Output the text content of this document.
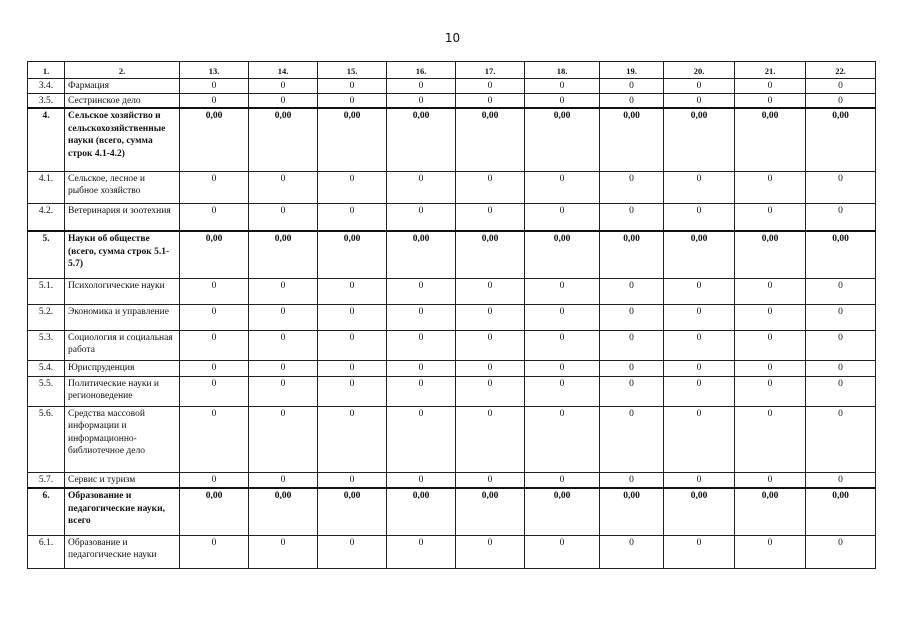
10
1.	2.	13.	14.	15.	16.	17.	18.	19.	20.	21.	22.
3.4.	Фармация	0	0	0	0	0	0	0	0	0	0
3.5.	Сестринское дело	0	0	0	0	0	0	0	0	0	0
4.	Сельское хозяйство и сельскохозяйственные науки (всего, сумма строк 4.1-4.2)	0,00	0,00	0,00	0,00	0,00	0,00	0,00	0,00	0,00	0,00
4.1.	Сельское, лесное и рыбное хозяйство	0	0	0	0	0	0	0	0	0	0
4.2.	Ветеринария и зоотехния	0	0	0	0	0	0	0	0	0	0
5.	Науки об обществе (всего, сумма строк 5.1-5.7)	0,00	0,00	0,00	0,00	0,00	0,00	0,00	0,00	0,00	0,00
5.1.	Психологические науки	0	0	0	0	0	0	0	0	0	0
5.2.	Экономика и управление	0	0	0	0	0	0	0	0	0	0
5.3.	Социология и социальная работа	0	0	0	0	0	0	0	0	0	0
5.4.	Юриспруденция	0	0	0	0	0	0	0	0	0	0
5.5.	Политические науки и регионоведение	0	0	0	0	0	0	0	0	0	0
5.6.	Средства массовой информации и информационно-библиотечное дело	0	0	0	0	0	0	0	0	0	0
5.7.	Сервис и туризм	0	0	0	0	0	0	0	0	0	0
6.	Образование и педагогические науки, всего	0,00	0,00	0,00	0,00	0,00	0,00	0,00	0,00	0,00	0,00
6.1.	Образование и педагогические науки	0	0	0	0	0	0	0	0	0	0
